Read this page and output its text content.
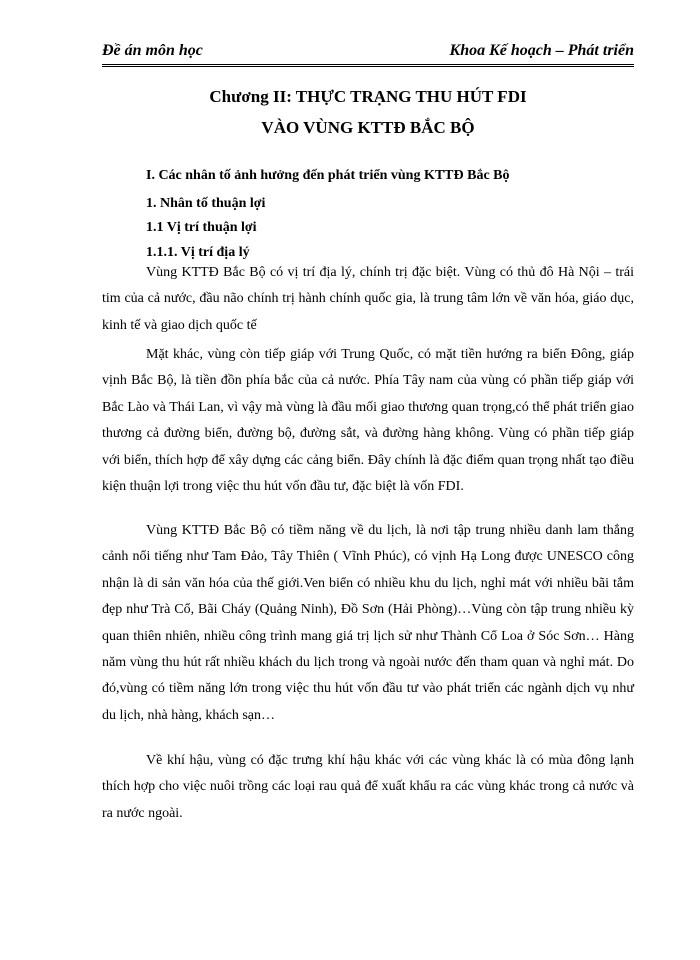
Đề án môn học	Khoa Kế hoạch – Phát triển
Chương II: THỰC TRẠNG THU HÚT FDI
VÀO VÙNG KTTĐ BẮC BỘ
I. Các nhân tố ảnh hưởng đến phát triển vùng KTTĐ Bắc Bộ
1. Nhân tố thuận lợi
1.1 Vị trí thuận lợi
1.1.1. Vị trí địa lý

Vùng KTTĐ Bắc Bộ có vị trí địa lý, chính trị đặc biệt. Vùng có thủ đô Hà Nội – trái tim của cả nước, đầu não chính trị hành chính quốc gia, là trung tâm lớn về văn hóa, giáo dục, kinh tế và giao dịch quốc tế

Mặt khác, vùng còn tiếp giáp với Trung Quốc, có mặt tiền hướng ra biển Đông, giáp vịnh Bắc Bộ, là tiền đồn phía bắc của cả nước. Phía Tây nam của vùng có phần tiếp giáp với Bắc Lào và Thái Lan, vì vậy mà vùng là đầu mối giao thương quan trọng,có thể phát triển giao thương cả đường biển, đường bộ, đường sắt, và đường hàng không. Vùng có phần tiếp giáp với biển, thích hợp để xây dựng các cảng biển. Đây chính là đặc điểm quan trọng nhất tạo điều kiện thuận lợi trong việc thu hút vốn đầu tư, đặc biệt là vốn FDI.

Vùng KTTĐ Bắc Bộ có tiềm năng về du lịch, là nơi tập trung nhiều danh lam thắng cảnh nổi tiếng như Tam Đảo, Tây Thiên ( Vĩnh Phúc), có vịnh Hạ Long được UNESCO công nhận là di sản văn hóa của thế giới.Ven biển có nhiều khu du lịch, nghỉ mát với nhiều bãi tắm đẹp như Trà Cổ, Bãi Cháy (Quảng Ninh), Đồ Sơn (Hải Phòng)…Vùng còn tập trung nhiều kỳ quan thiên nhiên, nhiều công trình mang giá trị lịch sử như Thành Cổ Loa ở Sóc Sơn… Hàng năm vùng thu hút rất nhiều khách du lịch trong và ngoài nước đến tham quan và nghỉ mát. Do đó,vùng có tiềm năng lớn trong việc thu hút vốn đầu tư vào phát triển các ngành dịch vụ như du lịch, nhà hàng, khách sạn…

Về khí hậu, vùng có đặc trưng khí hậu khác với các vùng khác là có mùa đông lạnh thích hợp cho việc nuôi trồng các loại rau quả để xuất khẩu ra các vùng khác trong cả nước và ra nước ngoài.
